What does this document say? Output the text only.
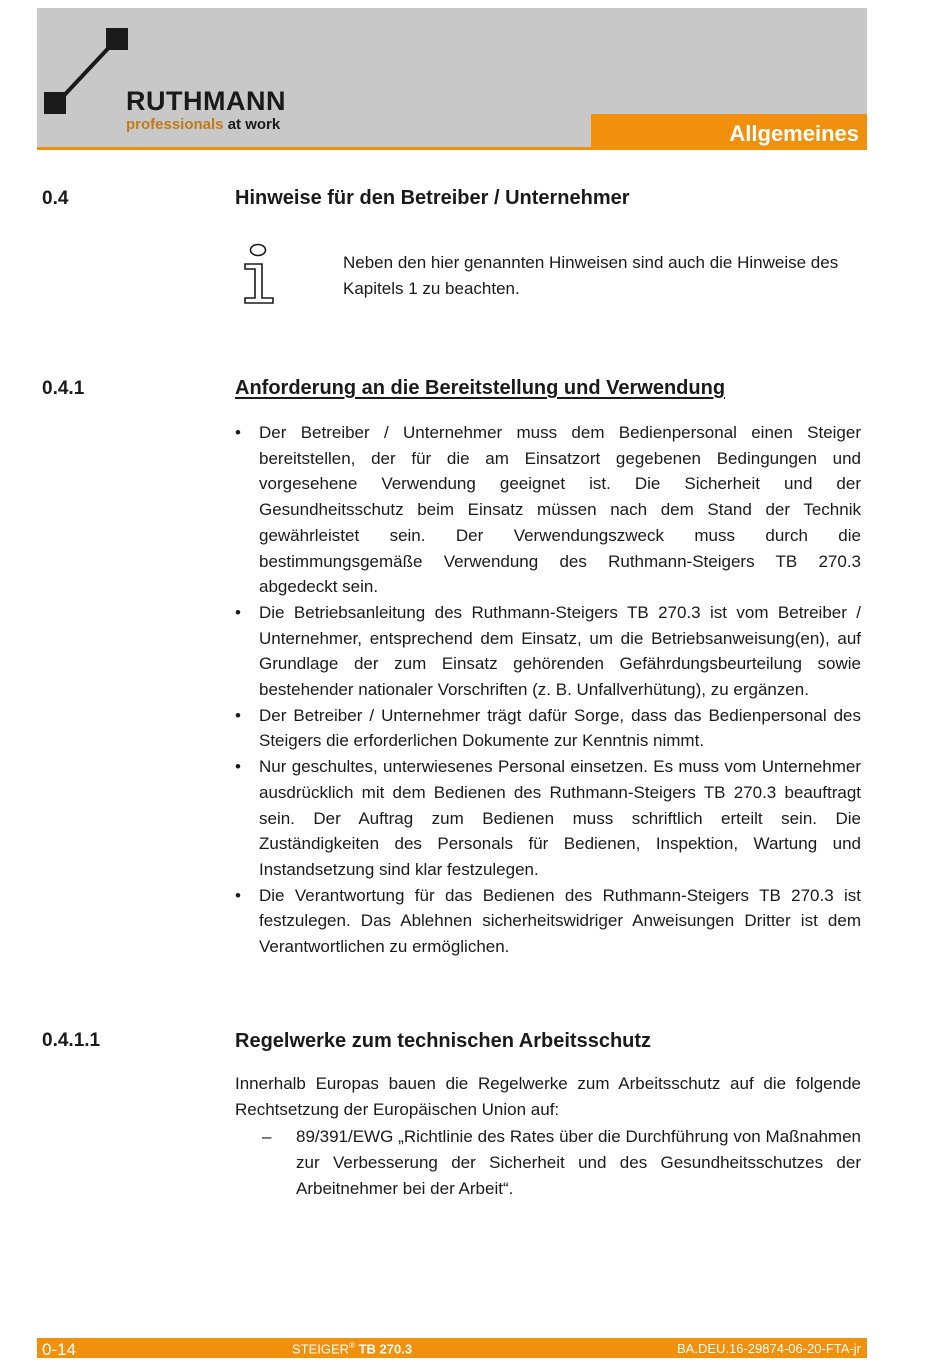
RUTHMANN
professionals at work	Allgemeines
0.4	Hinweise für den Betreiber / Unternehmer
Neben den hier genannten Hinweisen sind auch die Hinweise des Kapitels 1 zu beachten.
0.4.1	Anforderung an die Bereitstellung und Verwendung
• Der Betreiber / Unternehmer muss dem Bedienpersonal einen Steiger bereitstellen, der für die am Einsatzort gegebenen Bedingungen und vorgesehene Verwendung geeignet ist. Die Sicherheit und der Gesundheitsschutz beim Einsatz müssen nach dem Stand der Technik gewährleistet sein. Der Verwendungszweck muss durch die bestimmungsgemäße Verwendung des Ruthmann-Steigers TB 270.3 abgedeckt sein.
• Die Betriebsanleitung des Ruthmann-Steigers TB 270.3 ist vom Betreiber / Unternehmer, entsprechend dem Einsatz, um die Betriebsanweisung(en), auf Grundlage der zum Einsatz gehörenden Gefährdungsbeurteilung sowie bestehender nationaler Vorschriften (z. B. Unfallverhütung), zu ergänzen.
• Der Betreiber / Unternehmer trägt dafür Sorge, dass das Bedienpersonal des Steigers die erforderlichen Dokumente zur Kenntnis nimmt.
• Nur geschultes, unterwiesenes Personal einsetzen. Es muss vom Unternehmer ausdrücklich mit dem Bedienen des Ruthmann-Steigers TB 270.3 beauftragt sein. Der Auftrag zum Bedienen muss schriftlich erteilt sein. Die Zuständigkeiten des Personals für Bedienen, Inspektion, Wartung und Instandsetzung sind klar festzulegen.
• Die Verantwortung für das Bedienen des Ruthmann-Steigers TB 270.3 ist festzulegen. Das Ablehnen sicherheitswidriger Anweisungen Dritter ist dem Verantwortlichen zu ermöglichen.
0.4.1.1	Regelwerke zum technischen Arbeitsschutz

Innerhalb Europas bauen die Regelwerke zum Arbeitsschutz auf die folgende Rechtsetzung der Europäischen Union auf:

–	89/391/EWG „Richtlinie des Rates über die Durchführung von Maßnahmen zur Verbesserung der Sicherheit und des Gesundheitsschutzes der Arbeitnehmer bei der Arbeit“.
0-14	STEIGER® TB 270.3	BA.DEU.16-29874-06-20-FTA-jr
